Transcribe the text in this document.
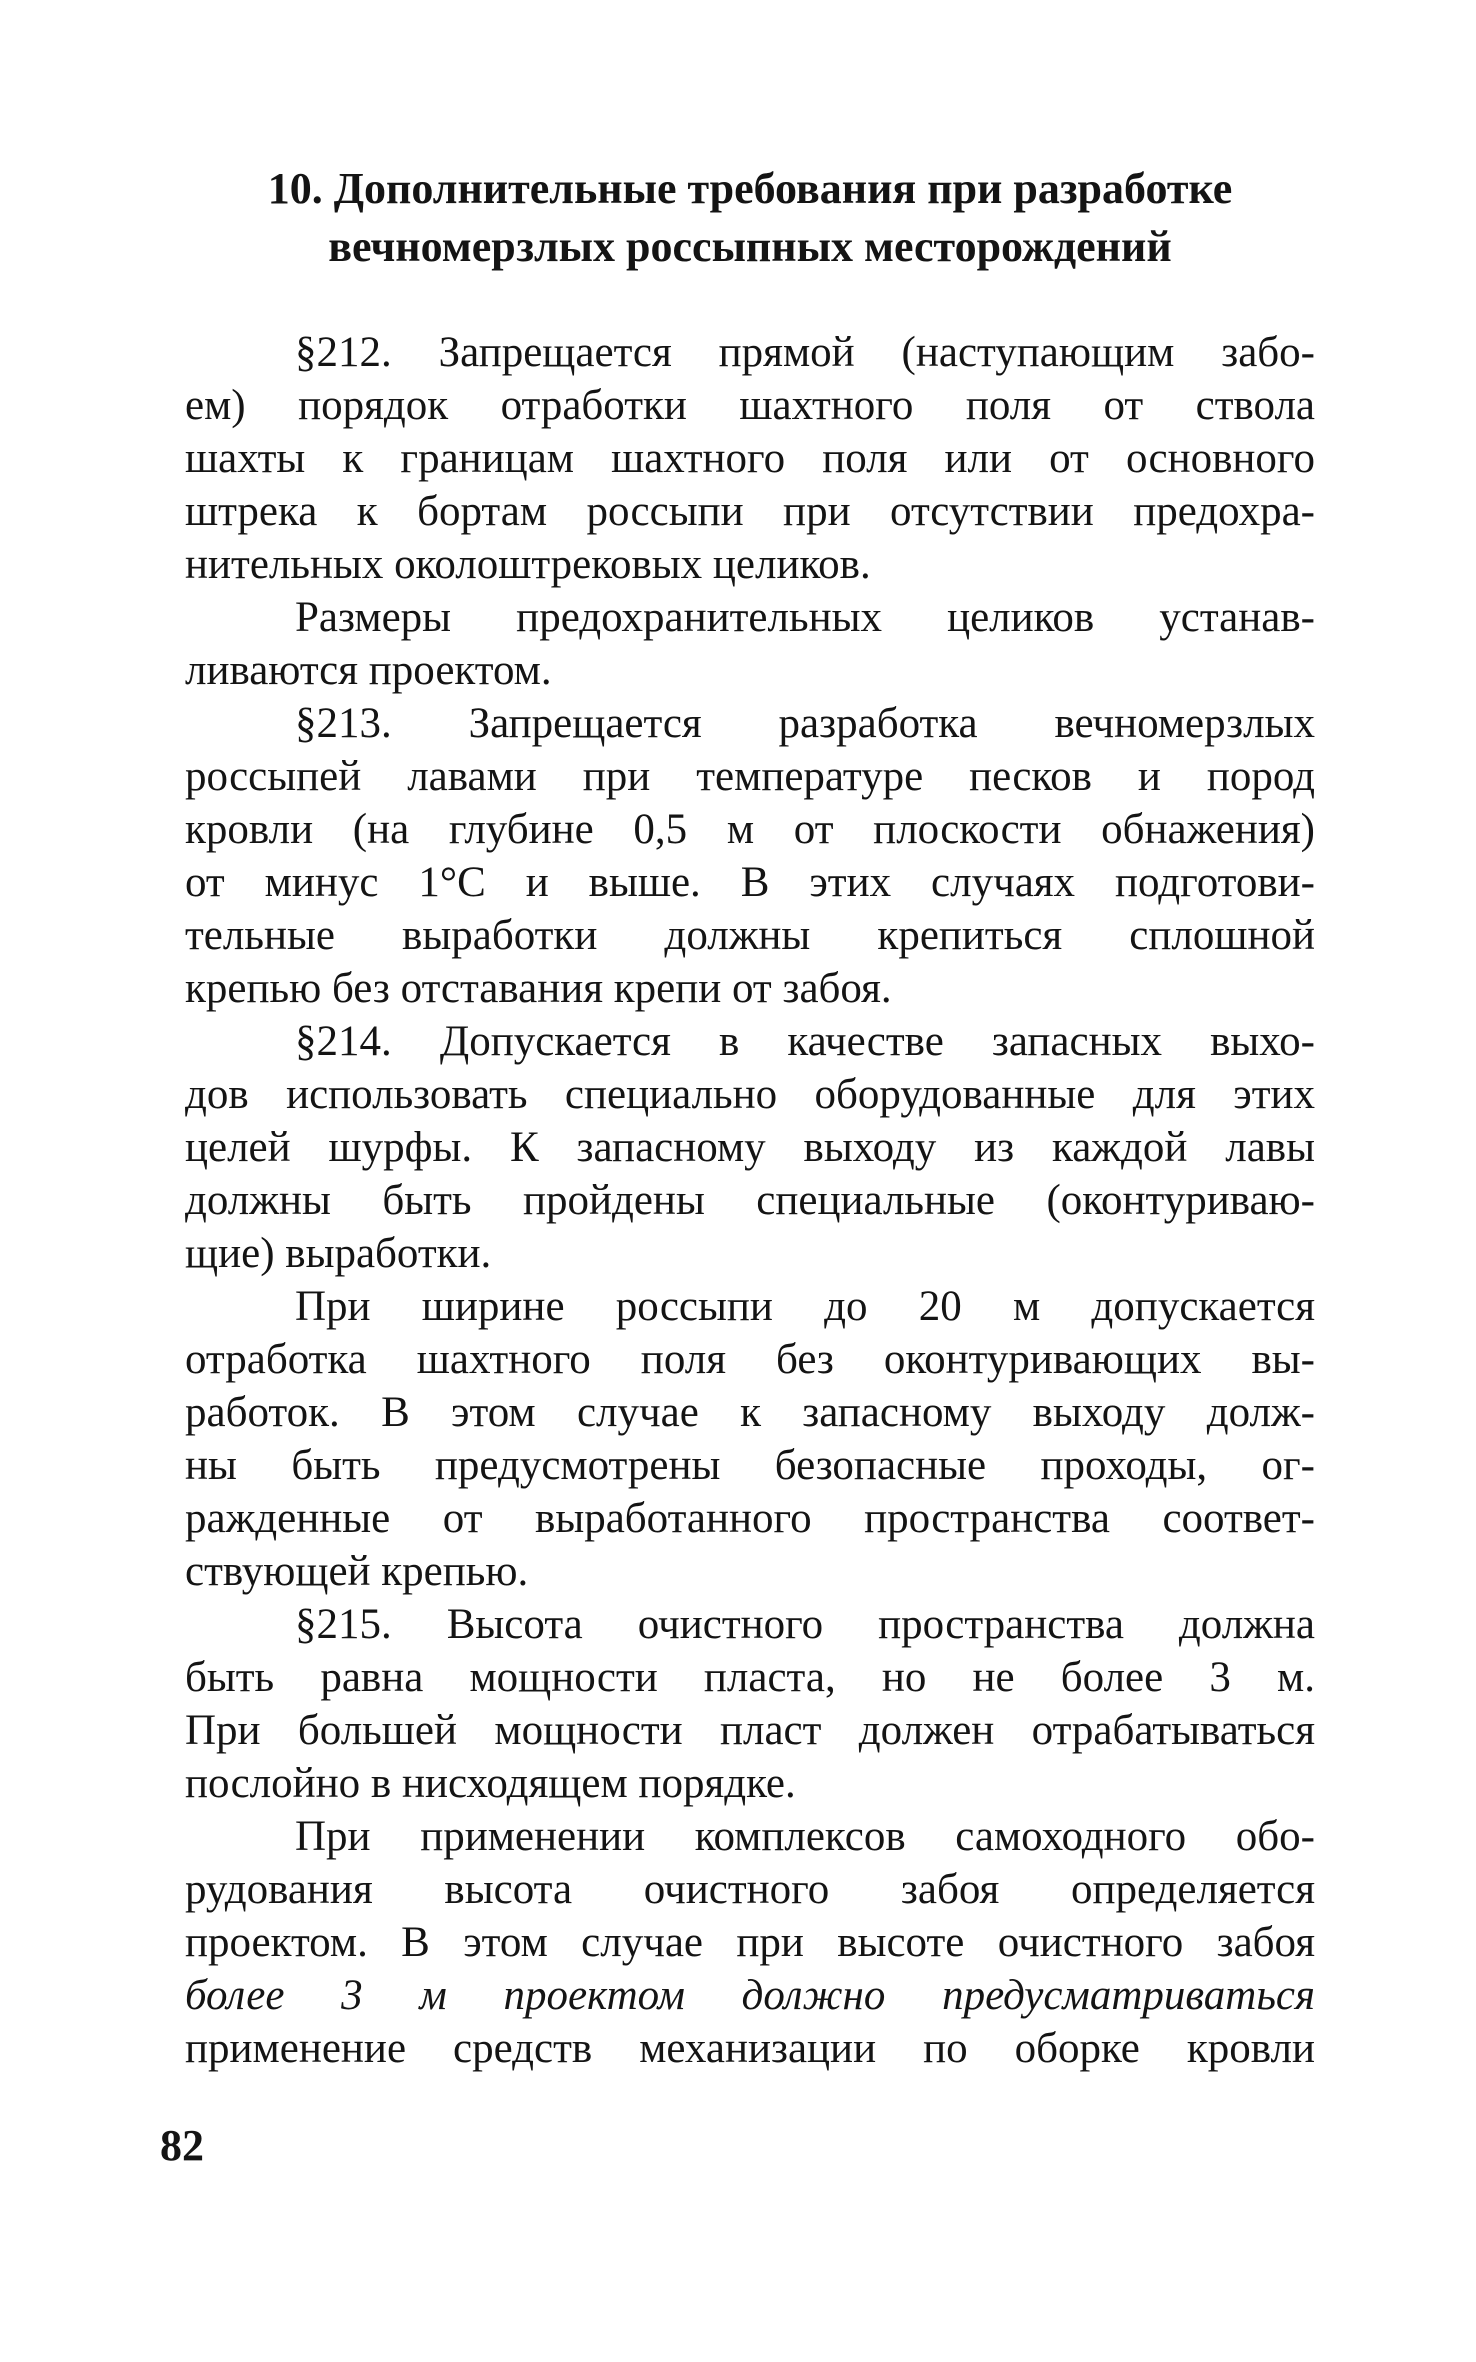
10. Дополнительные требования при разработке
вечномерзлых россыпных месторождений
§212. Запрещается прямой (наступающим забо-
ем) порядок отработки шахтного поля от ствола
шахты к границам шахтного поля или от основного
штрека к бортам россыпи при отсутствии предохра-
нительных околоштрековых целиков.
Размеры предохранительных целиков устанав-
ливаются проектом.
§213. Запрещается разработка вечномерзлых
россыпей лавами при температуре песков и пород
кровли (на глубине 0,5 м от плоскости обнажения)
от минус 1°С и выше. В этих случаях подготови-
тельные выработки должны крепиться сплошной
крепью без отставания крепи от забоя.
§214. Допускается в качестве запасных выхо-
дов использовать специально оборудованные для этих
целей шурфы. К запасному выходу из каждой лавы
должны быть пройдены специальные (оконтуриваю-
щие) выработки.
При ширине россыпи до 20 м допускается
отработка шахтного поля без оконтуривающих вы-
работок. В этом случае к запасному выходу долж-
ны быть предусмотрены безопасные проходы, ог-
ражденные от выработанного пространства соответ-
ствующей крепью.
§215. Высота очистного пространства должна
быть равна мощности пласта, но не более 3 м.
При большей мощности пласт должен отрабатываться
послойно в нисходящем порядке.
При применении комплексов самоходного обо-
рудования высота очистного забоя определяется
проектом. В этом случае при высоте очистного забоя
более 3 м проектом должно предусматриваться
применение средств механизации по оборке кровли
82
